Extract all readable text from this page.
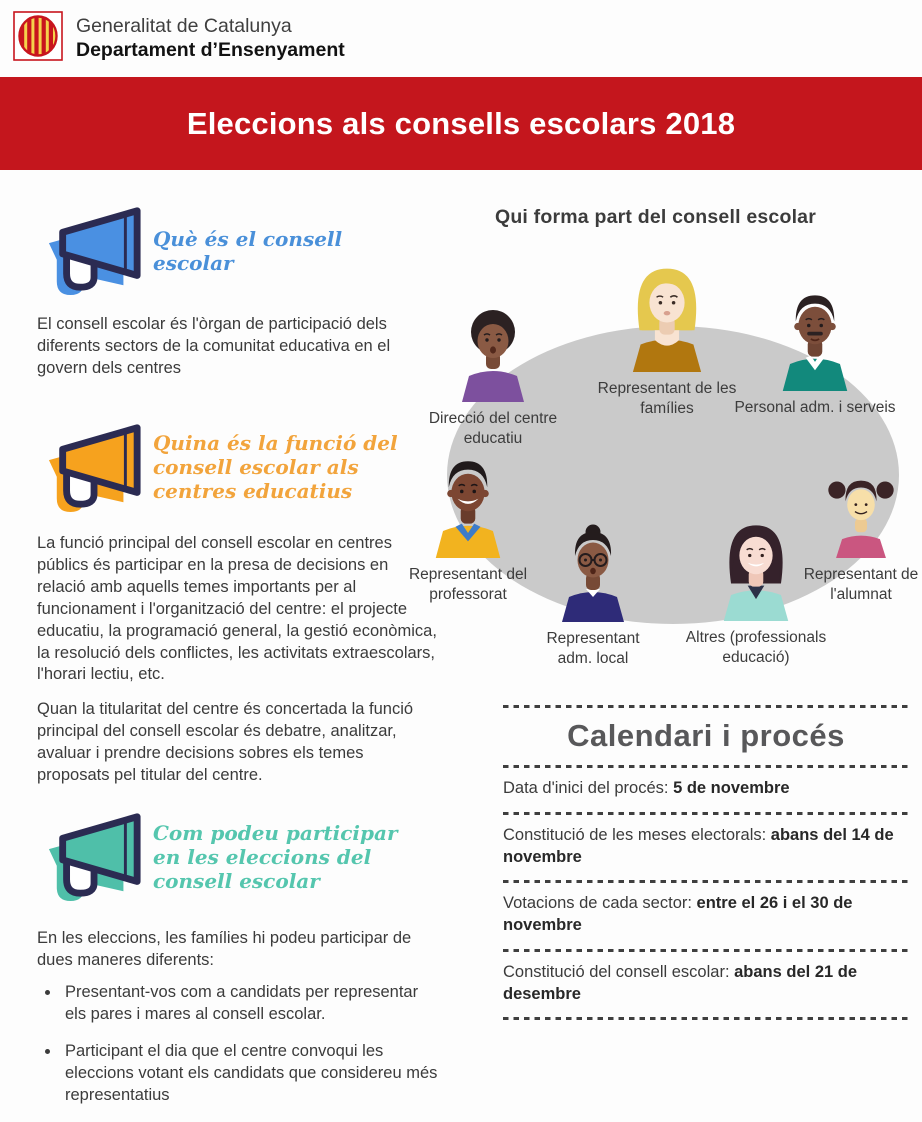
Generalitat de Catalunya
Departament d’Ensenyament
Eleccions als consells escolars 2018
Què és el consell escolar

El consell escolar és l'òrgan de participació dels diferents sectors de la comunitat educativa en el govern dels centres

Quina és la funció del consell escolar als centres educatius

La funció principal del consell escolar en centres públics és participar en la presa de decisions en relació amb aquells temes importants per al funcionament i l'organització del centre: el projecte educatiu, la programació general, la gestió econòmica, la resolució dels conflictes, les activitats extraescolars, l'horari lectiu, etc.

Quan la titularitat del centre és concertada la funció principal del consell escolar és debatre, analitzar, avaluar i prendre decisions sobres els temes proposats pel titular del centre.

Com podeu participar en les eleccions del consell escolar

En les eleccions, les famílies hi podeu participar de dues maneres diferents:

• Presentant-vos com a candidats per representar els pares i mares al consell escolar.
• Participant el dia que el centre convoqui les eleccions votant els candidats que considereu més representatius
Qui forma part del consell escolar
Direcció del centre educatiu
Representant de les famílies	Personal adm. i serveis
Representant del professorat
Representant adm. local
Altres (professionals educació)
Representant de l'alumnat
Calendari i procés
Data d'inici del procés: 5 de novembre
Constitució de les meses electorals: abans del 14 de novembre
Votacions de cada sector: entre el 26 i el 30 de novembre
Constitució del consell escolar: abans del 21 de desembre
